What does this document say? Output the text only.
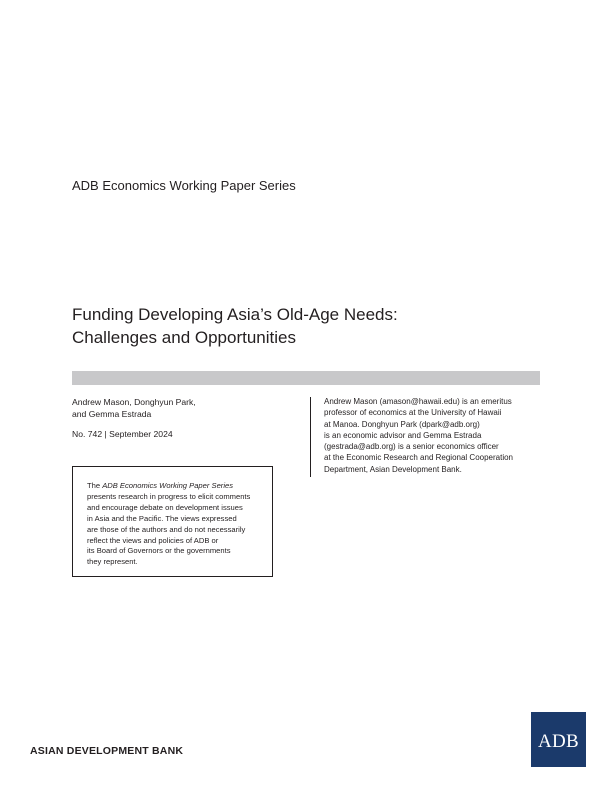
ADB Economics Working Paper Series
Funding Developing Asia’s Old-Age Needs:
Challenges and Opportunities
Andrew Mason, Donghyun Park,
and Gemma Estrada
No. 742 | September 2024
Andrew Mason (amason@hawaii.edu) is an emeritus
professor of economics at the University of Hawaii
at Manoa. Donghyun Park (dpark@adb.org)
is an economic advisor and Gemma Estrada
(gestrada@adb.org) is a senior economics officer
at the Economic Research and Regional Cooperation
Department, Asian Development Bank.
The ADB Economics Working Paper Series
presents research in progress to elicit comments
and encourage debate on development issues
in Asia and the Pacific. The views expressed
are those of the authors and do not necessarily
reflect the views and policies of ADB or
its Board of Governors or the governments
they represent.
ASIAN DEVELOPMENT BANK	ADB
